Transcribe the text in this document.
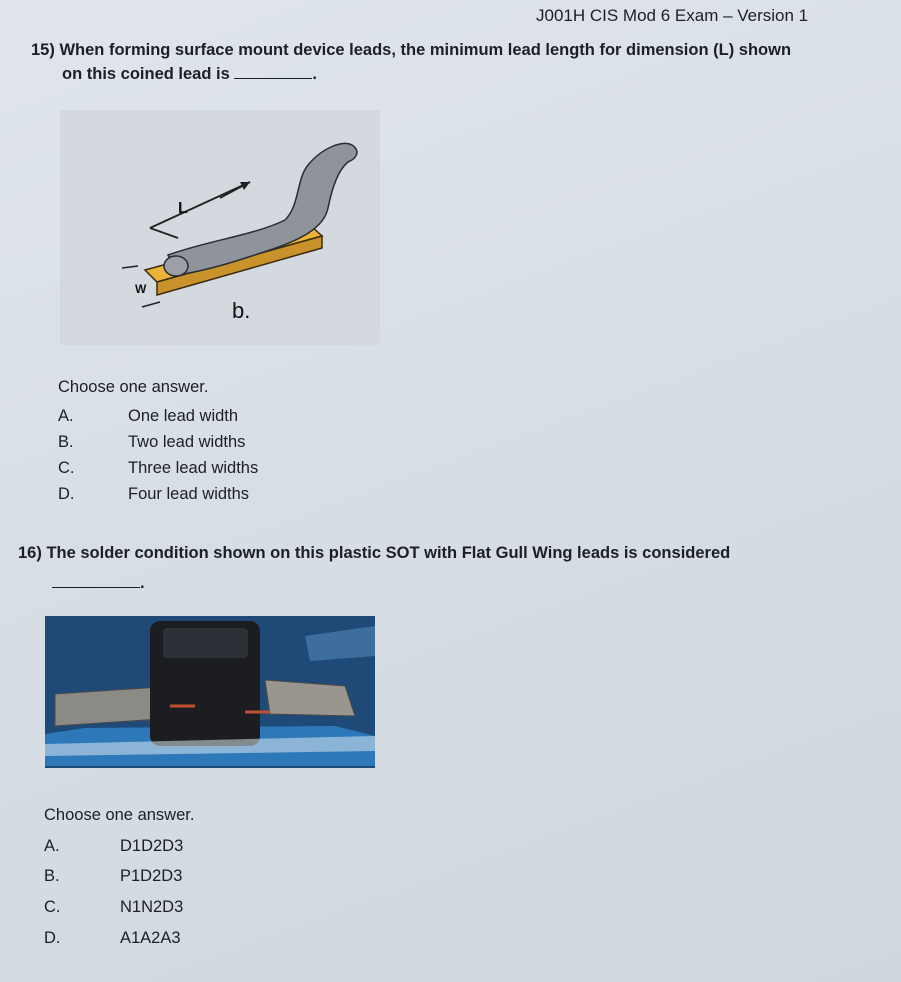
J001H CIS Mod 6 Exam – Version 1
15) When forming surface mount device leads, the minimum lead length for dimension (L) shown
on this coined lead is	.
L
W
b.
Choose one answer.
A.	One lead width
B.	Two lead widths
C.	Three lead widths
D.	Four lead widths
16) The solder condition shown on this plastic SOT with Flat Gull Wing leads is considered
.
Choose one answer.
A.	D1D2D3
B.	P1D2D3
C.	N1N2D3
D.	A1A2A3
